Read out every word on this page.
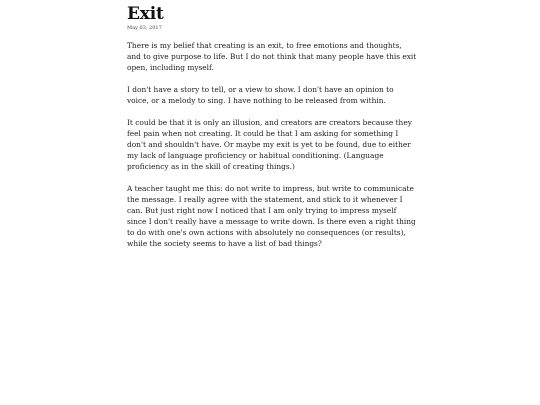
Exit
May 03, 2017

There is my belief that creating is an exit, to free emotions and thoughts, and to give purpose to life. But I do not think that many people have this exit open, including myself.

I don't have a story to tell, or a view to show. I don't have an opinion to voice, or a melody to sing. I have nothing to be released from within.

It could be that it is only an illusion, and creators are creators because they feel pain when not creating. It could be that I am asking for something I don't and shouldn't have. Or maybe my exit is yet to be found, due to either my lack of language proficiency or habitual conditioning. (Language proficiency as in the skill of creating things.)

A teacher taught me this: do not write to impress, but write to communicate the message. I really agree with the statement, and stick to it whenever I can. But just right now I noticed that I am only trying to impress myself since I don't really have a message to write down. Is there even a right thing to do with one's own actions with absolutely no consequences (or results), while the society seems to have a list of bad things?
